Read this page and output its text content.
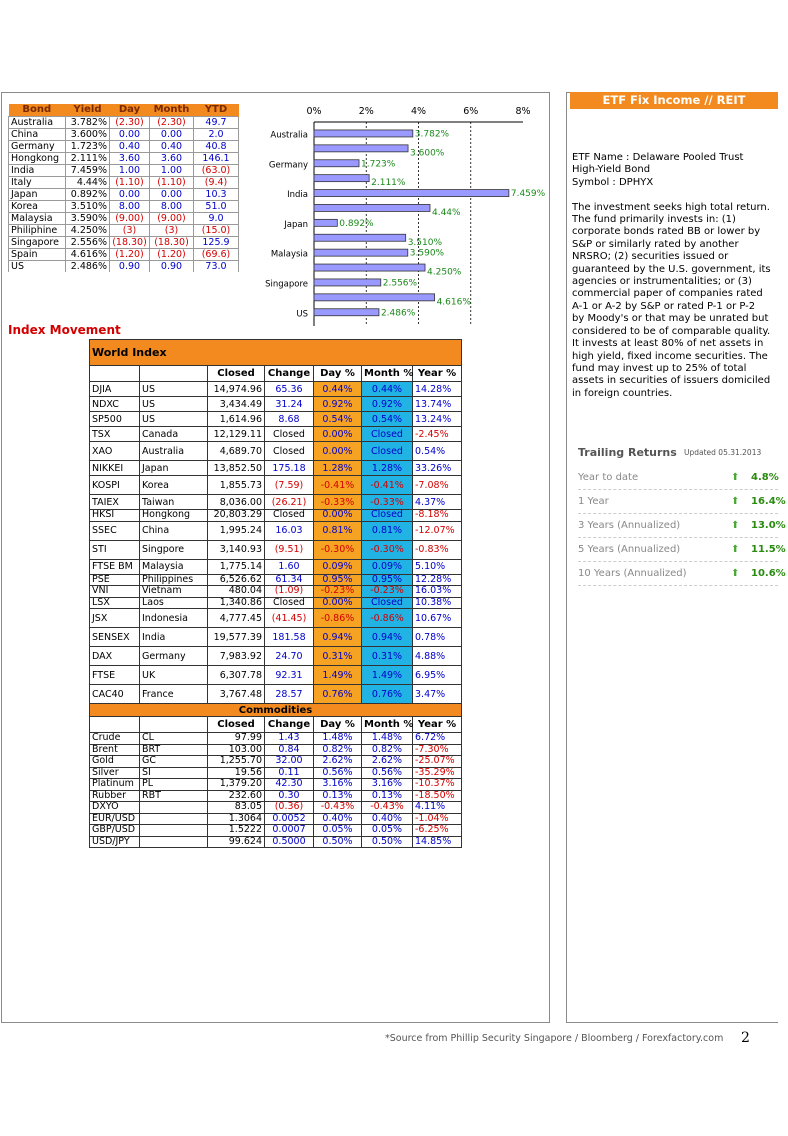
Bond	Yield	Day	Month	YTD
Australia	3.782%	(2.30)	(2.30)	49.7
China	3.600%	0.00	0.00	2.0
Germany	1.723%	0.40	0.40	40.8
Hongkong	2.111%	3.60	3.60	146.1
India	7.459%	1.00	1.00	(63.0)
Italy	4.44%	(1.10)	(1.10)	(9.4)
Japan	0.892%	0.00	0.00	10.3
Korea	3.510%	8.00	8.00	51.0
Malaysia	3.590%	(9.00)	(9.00)	9.0
Philiphine	4.250%	(3)	(3)	(15.0)
Singapore	2.556%	(18.30)	(18.30)	125.9
Spain	4.616%	(1.20)	(1.20)	(69.6)
US	2.486%	0.90	0.90	73.0
0%	2%	4%	6%	8%
3.782%
Australia
3.600%
1.723%
Germany
2.111%
7.459%
India
4.44%
0.892%
Japan
3.510%
3.590%
Malaysia
4.250%
2.556%
Singapore
4.616%
2.486%
US
Index Movement
World Index						
		Closed	Change	Day %	Month %	Year %
DJIA	US	14,974.96	65.36	0.44%	0.44%	14.28%
NDXC	US	3,434.49	31.24	0.92%	0.92%	13.74%
SP500	US	1,614.96	8.68	0.54%	0.54%	13.24%
TSX	Canada	12,129.11	Closed	0.00%	Closed	-2.45%
XAO	Australia	4,689.70	Closed	0.00%	Closed	0.54%
NIKKEI	Japan	13,852.50	175.18	1.28%	1.28%	33.26%
KOSPI	Korea	1,855.73	(7.59)	-0.41%	-0.41%	-7.08%
TAIEX	Taiwan	8,036.00	(26.21)	-0.33%	-0.33%	4.37%
HKSI	Hongkong	20,803.29	Closed	0.00%	Closed	-8.18%
SSEC	China	1,995.24	16.03	0.81%	0.81%	-12.07%
STI	Singpore	3,140.93	(9.51)	-0.30%	-0.30%	-0.83%
FTSE BM	Malaysia	1,775.14	1.60	0.09%	0.09%	5.10%
PSE	Philippines	6,526.62	61.34	0.95%	0.95%	12.28%
VNI	Vietnam	480.04	(1.09)	-0.23%	-0.23%	16.03%
LSX	Laos	1,340.86	Closed	0.00%	Closed	10.38%
JSX	Indonesia	4,777.45	(41.45)	-0.86%	-0.86%	10.67%
SENSEX	India	19,577.39	181.58	0.94%	0.94%	0.78%
DAX	Germany	7,983.92	24.70	0.31%	0.31%	4.88%
FTSE	UK	6,307.78	92.31	1.49%	1.49%	6.95%
CAC40	France	3,767.48	28.57	0.76%	0.76%	3.47%
Commodities						
		Closed	Change	Day %	Month %	Year %
Crude	CL	97.99	1.43	1.48%	1.48%	6.72%
Brent	BRT	103.00	0.84	0.82%	0.82%	-7.30%
Gold	GC	1,255.70	32.00	2.62%	2.62%	-25.07%
Silver	SI	19.56	0.11	0.56%	0.56%	-35.29%
Platinum	PL	1,379.20	42.30	3.16%	3.16%	-10.37%
Rubber	RBT	232.60	0.30	0.13%	0.13%	-18.50%
DXYO		83.05	(0.36)	-0.43%	-0.43%	4.11%
EUR/USD		1.3064	0.0052	0.40%	0.40%	-1.04%
GBP/USD		1.5222	0.0007	0.05%	0.05%	-6.25%
USD/JPY		99.624	0.5000	0.50%	0.50%	14.85%
ETF Fix Income // REIT
ETF Name : Delaware Pooled Trust
High-Yield Bond
Symbol : DPHYX

The investment seeks high total return.
The fund primarily invests in: (1)
corporate bonds rated BB or lower by
S&P or similarly rated by another
NRSRO; (2) securities issued or
guaranteed by the U.S. government, its
agencies or instrumentalities; or (3)
commercial paper of companies rated
A-1 or A-2 by S&P or rated P-1 or P-2
by Moody's or that may be unrated but
considered to be of comparable quality.
It invests at least 80% of net assets in
high yield, fixed income securities. The
fund may invest up to 25% of total
assets in securities of issuers domiciled
in foreign countries.
Trailing Returns Updated 05.31.2013
Year to date	⬆ 4.8%
1 Year	⬆ 16.4%
3 Years (Annualized)	⬆ 13.0%
5 Years (Annualized)	⬆ 11.5%
10 Years (Annualized)	⬆ 10.6%
*Source from Phillip Security Singapore / Bloomberg / Forexfactory.com 2
